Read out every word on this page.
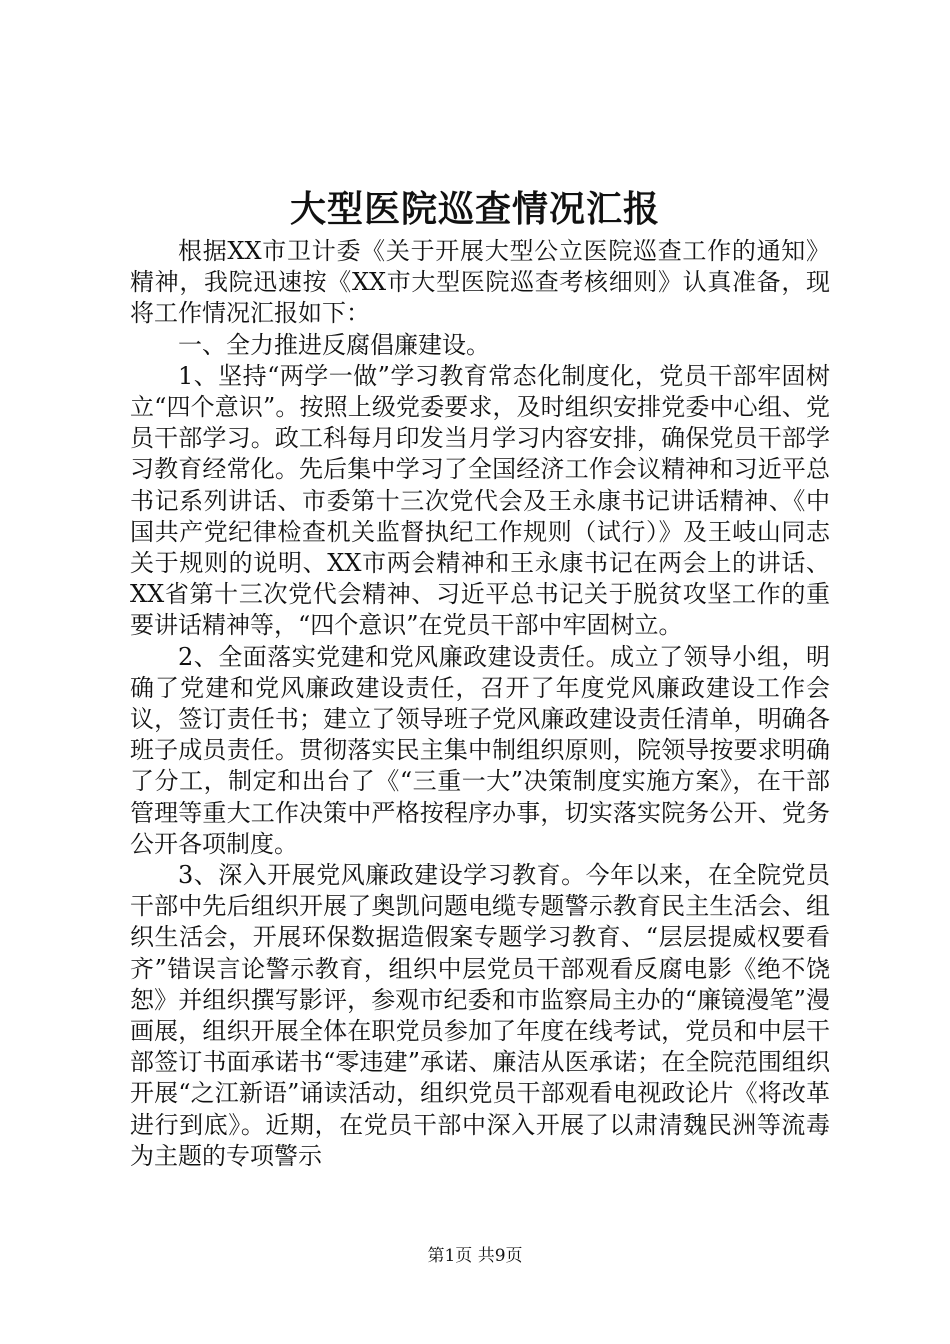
大型医院巡查情况汇报

根据XX市卫计委《关于开展大型公立医院巡查工作的通知》精神，我院迅速按《XX市大型医院巡查考核细则》认真准备，现将工作情况汇报如下：

一、全力推进反腐倡廉建设。

1、坚持“两学一做”学习教育常态化制度化，党员干部牢固树立“四个意识”。按照上级党委要求，及时组织安排党委中心组、党员干部学习。政工科每月印发当月学习内容安排，确保党员干部学习教育经常化。先后集中学习了全国经济工作会议精神和习近平总书记系列讲话、市委第十三次党代会及王永康书记讲话精神、《中国共产党纪律检查机关监督执纪工作规则（试行）》及王岐山同志关于规则的说明、XX市两会精神和王永康书记在两会上的讲话、XX省第十三次党代会精神、习近平总书记关于脱贫攻坚工作的重要讲话精神等，“四个意识”在党员干部中牢固树立。

2、全面落实党建和党风廉政建设责任。成立了领导小组，明确了党建和党风廉政建设责任，召开了年度党风廉政建设工作会议，签订责任书；建立了领导班子党风廉政建设责任清单，明确各班子成员责任。贯彻落实民主集中制组织原则，院领导按要求明确了分工，制定和出台了《“三重一大”决策制度实施方案》，在干部管理等重大工作决策中严格按程序办事，切实落实院务公开、党务公开各项制度。

3、深入开展党风廉政建设学习教育。今年以来，在全院党员干部中先后组织开展了奥凯问题电缆专题警示教育民主生活会、组织生活会，开展环保数据造假案专题学习教育、“层层提威权要看齐”错误言论警示教育，组织中层党员干部观看反腐电影《绝不饶恕》并组织撰写影评，参观市纪委和市监察局主办的“廉镜漫笔”漫画展，组织开展全体在职党员参加了年度在线考试，党员和中层干部签订书面承诺书“零违建”承诺、廉洁从医承诺；在全院范围组织开展“之江新语”诵读活动，组织党员干部观看电视政论片《将改革进行到底》。近期，在党员干部中深入开展了以肃清魏民洲等流毒为主题的专项警示

第1页 共9页
